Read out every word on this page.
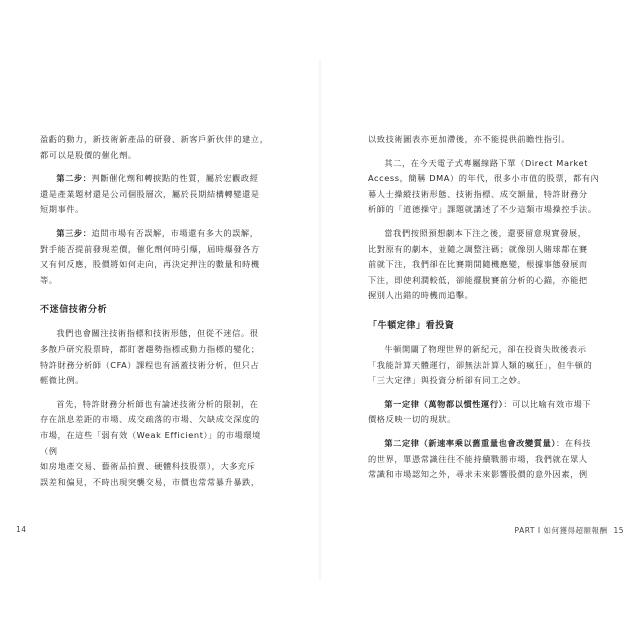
盈虧的動力，新技術新產品的研發、新客戶新伙伴的建立，

都可以是股價的催化劑。

第二步：判斷催化劑和轉捩點的性質，屬於宏觀政經

還是產業題材還是公司個股層次，屬於長期結構轉變還是

短期事件。

第三步：追問市場有否誤解，市場還有多大的誤解，

對手能否提前發現差價，催化劑何時引爆，屆時爆發各方

又有何反應，股價將如何走向，再決定押注的數量和時機

等。

不迷信技術分析

我們也會關注技術指標和技術形態，但從不迷信。很

多散戶研究股票時，都盯著趨勢指標或動力指標的變化；

特許財務分析師（CFA）課程也有涵蓋技術分析，但只占

輕微比例。

首先，特許財務分析師也有論述技術分析的限制，在

存在訊息差距的市場、成交疏落的市場、欠缺成交深度的

市場，在這些「弱有效（Weak Efficient）」的市場環境（例

如房地產交易、藝術品拍賣、硬體科技股票），大多充斥

誤差和偏見，不時出現突襲交易，市價也常常暴升暴跌，

14

以致技術圖表亦更加滯後，亦不能提供前瞻性指引。

其二，在今天電子式專屬線路下單（Direct Market

Access，簡稱 DMA）的年代，很多小市值的股票，都有內

幕人士操縱技術形態、技術指標、成交額量，特許財務分

析師的「道德操守」課題就講述了不少這類市場操控手法。

當我們按照預想劇本下注之後，還要留意現實發展，

比對原有的劇本，並隨之調整注碼；就像別人賭球都在賽

前就下注，我們卻在比賽期間隨機應變，根據事態發展而

下注，即使利潤較低，卻能擺脫賽前分析的心錨，亦能把

握別人出錯的時機而追擊。

「牛頓定律」看投資

牛頓開闢了物理世界的新紀元，卻在投資失敗後表示

「我能計算天體運行，卻無法計算人類的瘋狂」，但牛頓的

「三大定律」與投資分析卻有同工之妙。

第一定律（萬物都以慣性運行）：可以比喻有效市場下

價格反映一切的現狀。

第二定律（新速率乘以舊重量也會改變質量）：在科技

的世界，單憑常識往往不能持續戰勝市場，我們就在眾人

常識和市場認知之外，尋求未來影響股價的意外因素，例

PART I 如何獲得超額報酬 15
